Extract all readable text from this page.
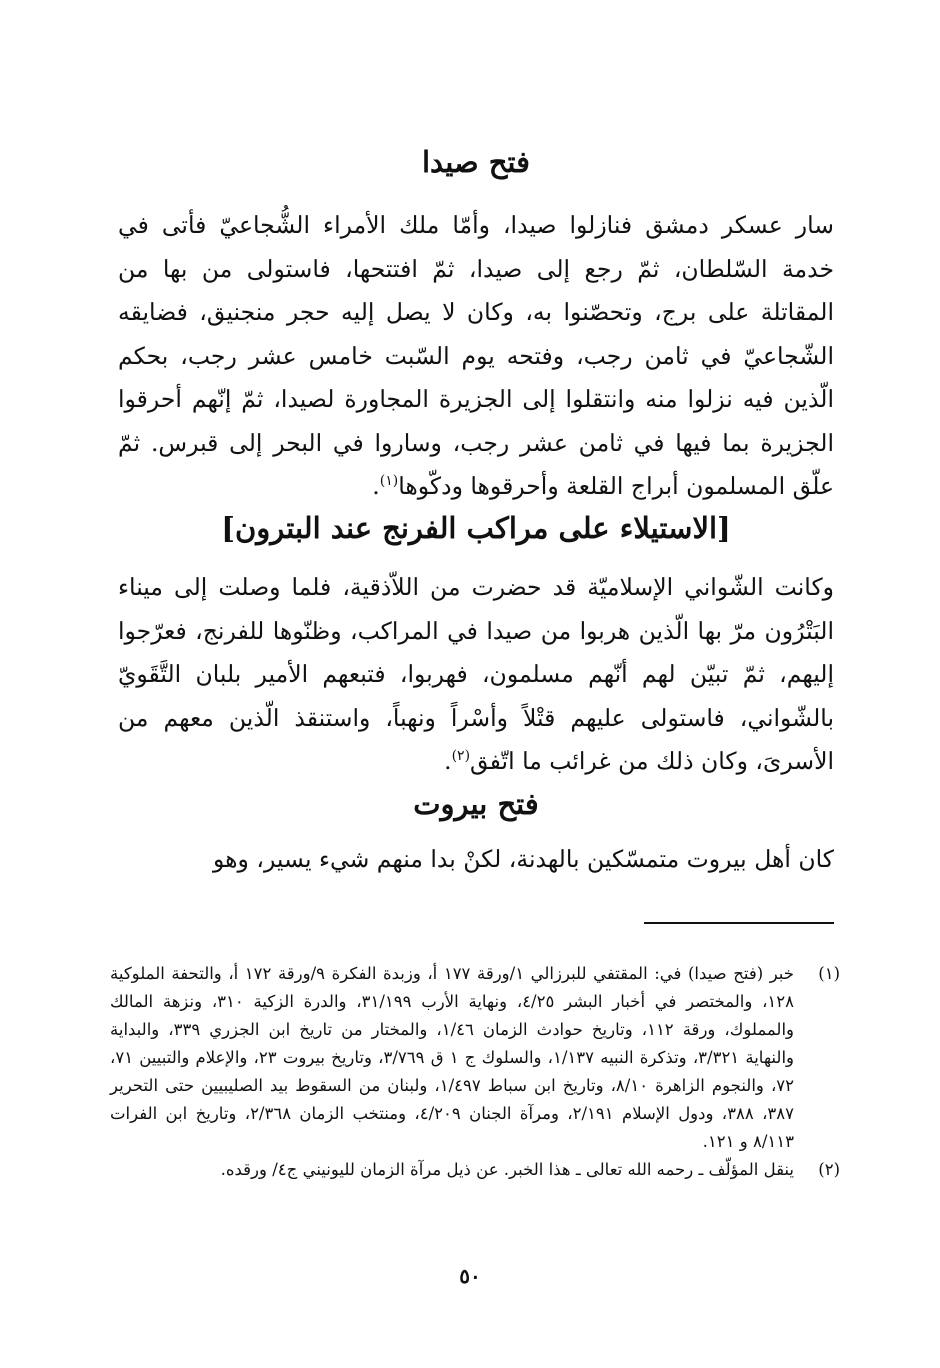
فتح صيدا

سار عسكر دمشق فنازلوا صيدا، وأمّا ملك الأمراء الشُّجاعيّ فأتى في خدمة السّلطان، ثمّ رجع إلى صيدا، ثمّ افتتحها، فاستولى من بها من المقاتلة على برج، وتحصّنوا به، وكان لا يصل إليه حجر منجنيق، فضايقه الشّجاعيّ في ثامن رجب، وفتحه يوم السّبت خامس عشر رجب، بحكم الّذين فيه نزلوا منه وانتقلوا إلى الجزيرة المجاورة لصيدا، ثمّ إنّهم أحرقوا الجزيرة بما فيها في ثامن عشر رجب، وساروا في البحر إلى قبرس. ثمّ علّق المسلمون أبراج القلعة وأحرقوها ودكّوها$^{(١)}$.

[الاستيلاء على مراكب الفرنج عند البترون]

وكانت الشّواني الإسلاميّة قد حضرت من اللاّذقية، فلما وصلت إلى ميناء البَتْرُون مرّ بها الّذين هربوا من صيدا في المراكب، وظنّوها للفرنج، فعرّجوا إليهم، ثمّ تبيّن لهم أنّهم مسلمون، فهربوا، فتبعهم الأمير بلبان التَّقَويّ بالشّواني، فاستولى عليهم قتْلاً وأسْراً ونهباً، واستنقذ الّذين معهم من الأسرىَ، وكان ذلك من غرائب ما اتّفق$^{(٢)}$.

فتح بيروت

كان أهل بيروت متمسّكين بالهدنة، لكنْ بدا منهم شيء يسير، وهو

(١)
خبر (فتح صيدا) في: المقتفي للبرزالي ١/ورقة ١٧٧ أ، وزبدة الفكرة ٩/ورقة ١٧٢ أ، والتحفة الملوكية ١٢٨، والمختصر في أخبار البشر ٤/٢٥، ونهاية الأرب ٣١/١٩٩، والدرة الزكية ٣١٠، ونزهة المالك والمملوك، ورقة ١١٢، وتاريخ حوادث الزمان ١/٤٦، والمختار من تاريخ ابن الجزري ٣٣٩، والبداية والنهاية ٣/٣٢١، وتذكرة النبيه ١/١٣٧، والسلوك ج ١ ق ٣/٧٦٩، وتاريخ بيروت ٢٣، والإعلام والتبيين ٧١، ٧٢، والنجوم الزاهرة ٨/١٠، وتاريخ ابن سباط ١/٤٩٧، ولبنان من السقوط بيد الصليبيين حتى التحرير ٣٨٧، ٣٨٨، ودول الإسلام ٢/١٩١، ومرآة الجنان ٤/٢٠٩، ومنتخب الزمان ٢/٣٦٨، وتاريخ ابن الفرات ٨/١١٣ و ١٢١.
(٢)
ينقل المؤلّف ـ رحمه الله تعالى ـ هذا الخبر. عن ذيل مرآة الزمان لليونيني ج٤/ ورقده.
٥٠
